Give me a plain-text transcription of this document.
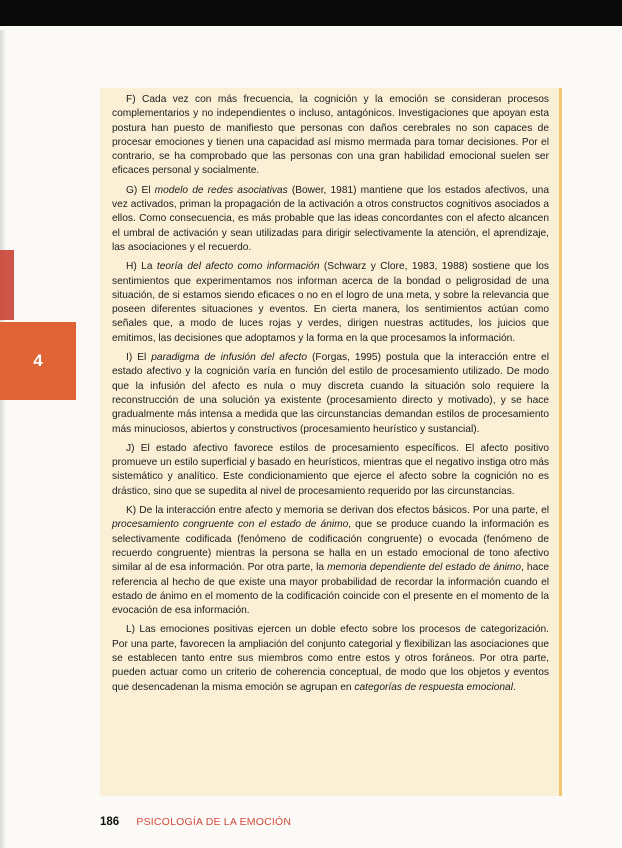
4

F) Cada vez con más frecuencia, la cognición y la emoción se consideran procesos complementarios y no independientes o incluso, antagónicos. Investigaciones que apoyan esta postura han puesto de manifiesto que personas con daños cerebrales no son capaces de procesar emociones y tienen una capacidad así mismo mermada para tomar decisiones. Por el contrario, se ha comprobado que las personas con una gran habilidad emocional suelen ser eficaces personal y socialmente.

G) El modelo de redes asociativas (Bower, 1981) mantiene que los estados afectivos, una vez activados, priman la propagación de la activación a otros constructos cognitivos asociados a ellos. Como consecuencia, es más probable que las ideas concordantes con el afecto alcancen el umbral de activación y sean utilizadas para dirigir selectivamente la atención, el aprendizaje, las asociaciones y el recuerdo.

H) La teoría del afecto como información (Schwarz y Clore, 1983, 1988) sostiene que los sentimientos que experimentamos nos informan acerca de la bondad o peligrosidad de una situación, de si estamos siendo eficaces o no en el logro de una meta, y sobre la relevancia que poseen diferentes situaciones y eventos. En cierta manera, los sentimientos actúan como señales que, a modo de luces rojas y verdes, dirigen nuestras actitudes, los juicios que emitimos, las decisiones que adoptamos y la forma en la que procesamos la información.

I) El paradigma de infusión del afecto (Forgas, 1995) postula que la interacción entre el estado afectivo y la cognición varía en función del estilo de procesamiento utilizado. De modo que la infusión del afecto es nula o muy discreta cuando la situación solo requiere la reconstrucción de una solución ya existente (procesamiento directo y motivado), y se hace gradualmente más intensa a medida que las circunstancias demandan estilos de procesamiento más minuciosos, abiertos y constructivos (procesamiento heurístico y sustancial).

J) El estado afectivo favorece estilos de procesamiento específicos. El afecto positivo promueve un estilo superficial y basado en heurísticos, mientras que el negativo instiga otro más sistemático y analítico. Este condicionamiento que ejerce el afecto sobre la cognición no es drástico, sino que se supedita al nivel de procesamiento requerido por las circunstancias.

K) De la interacción entre afecto y memoria se derivan dos efectos básicos. Por una parte, el procesamiento congruente con el estado de ánimo, que se produce cuando la información es selectivamente codificada (fenómeno de codificación congruente) o evocada (fenómeno de recuerdo congruente) mientras la persona se halla en un estado emocional de tono afectivo similar al de esa información. Por otra parte, la memoria dependiente del estado de ánimo, hace referencia al hecho de que existe una mayor probabilidad de recordar la información cuando el estado de ánimo en el momento de la codificación coincide con el presente en el momento de la evocación de esa información.

L) Las emociones positivas ejercen un doble efecto sobre los procesos de categorización. Por una parte, favorecen la ampliación del conjunto categorial y flexibilizan las asociaciones que se establecen tanto entre sus miembros como entre estos y otros foráneos. Por otra parte, pueden actuar como un criterio de coherencia conceptual, de modo que los objetos y eventos que desencadenan la misma emoción se agrupan en categorías de respuesta emocional.

186 PSICOLOGÍA DE LA EMOCIÓN
